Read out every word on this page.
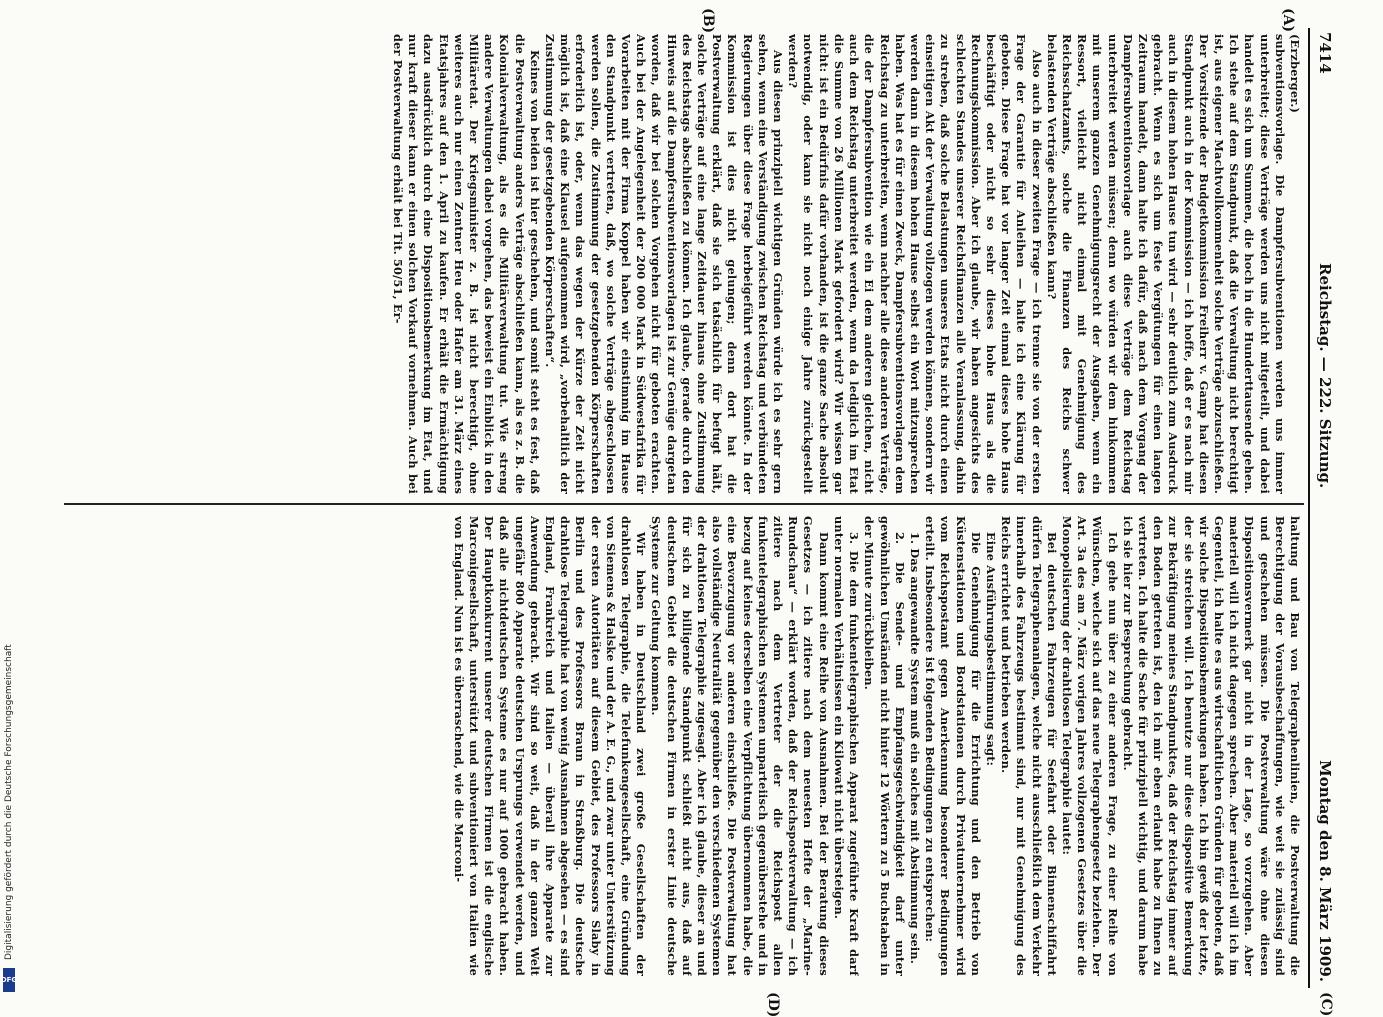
Digitalisierung gefördert durch die Deutsche Forschungsgemeinschaft
DFG
7414
Reichstag. — 222. Sitzung.
Montag den 8. März 1909.
(A)
(B)
(C)
(D)

(Erzberger.)

subventionsvorlage. Die Dampfersubventionen werden uns immer unterbreitet; diese Verträge werden uns nicht mitgeteilt, und dabei handelt es sich um Summen, die hoch in die Hunderttausende gehen. Ich stehe auf dem Standpunkt, daß die Verwaltung nicht berechtigt ist, aus eigener Machtvollkommenheit solche Verträge abzuschließen. Der Vorsitzende der Budgetkommission Freiherr v. Gamp hat diesen Standpunkt auch in der Kommission — ich hoffe, daß er es nach mir auch in diesem hohen Hause tun wird — sehr deutlich zum Ausdruck gebracht. Wenn es sich um feste Vergütungen für einen langen Zeitraum handelt, dann halte ich dafür, daß nach dem Vorgang der Dampfersubventionsvorlage auch diese Verträge dem Reichstag unterbreitet werden müssen; denn wo würden wir dem hinkommen mit unserem ganzen Genehmigungsrecht der Ausgaben, wenn ein Ressort, vielleicht nicht einmal mit Genehmigung des Reichsschatzamts, solche die Finanzen des Reichs schwer belastenden Verträge abschließen kann?

Also auch in dieser zweiten Frage — ich trenne sie von der ersten Frage der Garantie für Anleihen — halte ich eine Klärung für geboten. Diese Frage hat vor langer Zeit einmal dieses hohe Haus beschäftigt oder nicht so sehr dieses hohe Haus als die Rechnungskommission. Aber ich glaube, wir haben angesichts des schlechten Standes unserer Reichsfinanzen alle Veranlassung, dahin zu streben, daß solche Belastungen unseres Etats nicht durch einen einseitigen Akt der Verwaltung vollzogen werden können, sondern wir werden dann in diesem hohen Hause selbst ein Wort mitzusprechen haben. Was hat es für einen Zweck, Dampfersubventionsvorlagen dem Reichstag zu unterbreiten, wenn nachher alle diese anderen Verträge, die der Dampfersubvention wie ein Ei dem anderen gleichen, nicht auch dem Reichstag unterbreitet werden, wenn da lediglich im Etat die Summe von 26 Millionen Mark gefordert wird? Wir wissen gar nicht: ist ein Bedürfnis dafür vorhanden, ist die ganze Sache absolut notwendig, oder kann sie nicht noch einige Jahre zurückgestellt werden?

Aus diesen prinzipiell wichtigen Gründen würde ich es sehr gern sehen, wenn eine Verständigung zwischen Reichstag und verbündeten Regierungen über diese Frage herbeigeführt werden könnte. In der Kommission ist dies nicht gelungen; denn dort hat die Postverwaltung erklärt, daß sie sich tatsächlich für befugt hält, solche Verträge auf eine lange Zeitdauer hinaus ohne Zustimmung des Reichstags abschließen zu können. Ich glaube, gerade durch den Hinweis auf die Dampfersubventionsvorlagen ist zur Genüge dargetan worden, daß wir bei solchen Vorgehen nicht für geboten erachten. Auch bei der Angelegenheit der 200 000 Mark in Südwestafrika für Vorarbeiten mit der Firma Koppel haben wir einstimmig im Hause den Standpunkt vertreten, daß, wo solche Verträge abgeschlossen werden sollen, die Zustimmung der gesetzgebenden Körperschaften erforderlich ist, oder, wenn das wegen der Kürze der Zeit nicht möglich ist, daß eine Klausel aufgenommen wird, „vorbehaltlich der Zustimmung der gesetzgebenden Körperschaften“.

Keines von beiden ist hier geschehen, und somit steht es fest, daß die Postverwaltung anders Verträge abschließen kann, als es z. B. die Kolonialverwaltung, als es die Militärverwaltung tut. Wie streng andere Verwaltungen dabei vorgehen, das beweist ein Einblick in den Militäretat. Der Kriegsminister z. B. ist nicht berechtigt, ohne weiteres auch nur einen Zentner Heu oder Hafer am 31. März eines Etatsjahres auf den 1. April zu kaufen. Er erhält die Ermächtigung dazu ausdrücklich durch eine Dispositionsbemerkung im Etat, und nur kraft dieser kann er einen solchen Vorkauf vornehmen. Auch bei der Postverwaltung erhält bei Tit. 50/51, Er-

haltung und Bau von Telegraphenlinien, die Postverwaltung die Berechtigung der Vorausbeschaffungen, wie weit sie zulässig sind und geschehen müssen. Die Postverwaltung wäre ohne diesen Dispositionsvermerk gar nicht in der Lage, so vorzugehen. Aber materiell will ich nicht dagegen sprechen. Aber materiell will ich im Gegenteil, ich halte es aus wirtschaftlichen Gründen für geboten, daß wir solche Dispositionsbemerkungen haben. Ich bin gewiß der letzte, der sie streichen will. Ich benutze nur diese dispositive Bemerkung zur Bekräftigung meines Standpunktes, daß der Reichstag immer auf den Boden getreten ist, den ich mir eben erlaubt habe zu Ihnen zu vertreten. Ich halte die Sache für prinzipiell wichtig, und darum habe ich sie hier zur Besprechung gebracht.

Ich gehe nun über zu einer anderen Frage, zu einer Reihe von Wünschen, welche sich auf das neue Telegraphengesetz beziehen. Der Art. 3a des am 7. März vorigen Jahres vollzogenen Gesetzes über die Monopolisierung der drahtlosen Telegraphie lautet:

Bei deutschen Fahrzeugen für Seefahrt oder Binnenschiffahrt dürfen Telegraphenanlagen, welche nicht ausschließlich dem Verkehr innerhalb des Fahrzeugs bestimmt sind, nur mit Genehmigung des Reichs errichtet und betrieben werden.

Eine Ausführungsbestimmung sagt:

Die Genehmigung für die Errichtung und den Betrieb von Küstenstationen und Bordstationen durch Privatunternehmer wird vom Reichspostamt gegen Anerkennung besonderer Bedingungen erteilt. Insbesondere ist folgenden Bedingungen zu entsprechen:

1. Das angewandte System muß ein solches mit Abstimmung sein.

2. Die Sende- und Empfangsgeschwindigkeit darf unter gewöhnlichen Umständen nicht hinter 12 Wörtern zu 5 Buchstaben in der Minute zurückbleiben.

3. Die dem funkentelegraphischen Apparat zugeführte Kraft darf unter normalen Verhältnissen ein Kilowatt nicht übersteigen.

Dann kommt eine Reihe von Ausnahmen. Bei der Beratung dieses Gesetzes — ich zitiere nach dem neuesten Hefte der „Marine-Rundschau“ — erklärt worden, daß der Reichspostverwaltung — ich zitiere nach dem Vertreter der die Reichspost allen funkentelegraphischen Systemen unparteiisch gegenüberstehe und in bezug auf keines derselben eine Verpflichtung übernommen habe, die eine Bevorzugung vor anderen einschließe. Die Postverwaltung hat also vollständige Neutralität gegenüber den verschiedenen Systemen der drahtlosen Telegraphie zugesagt. Aber ich glaube, dieser an und für sich zu billigende Standpunkt schließt nicht aus, daß auf deutschem Gebiet die deutschen Firmen in erster Linie deutsche Systeme zur Geltung kommen.

Wir haben in Deutschland zwei große Gesellschaften der drahtlosen Telegraphie, die Telefunkengesellschaft, eine Gründung von Siemens & Halske und der A. E. G., und zwar unter Unterstützung der ersten Autoritäten auf diesem Gebiet, des Professors Slaby in Berlin und des Professors Braun in Straßburg. Die deutsche drahtlose Telegraphie hat von wenig Ausnahmen abgesehen — es sind England, Frankreich und Italien — überall ihre Apparate zur Anwendung gebracht. Wir sind so weit, daß in der ganzen Welt ungefähr 800 Apparate deutschen Ursprungs verwendet werden, und daß alle nichtdeutschen Systeme es nur auf 1000 gebracht haben. Der Hauptkonkurrent unserer deutschen Firmen ist die englische Marconigesellschaft, unterstützt und subventioniert von Italien wie von England. Nun ist es überraschend, wie die Marconi-
